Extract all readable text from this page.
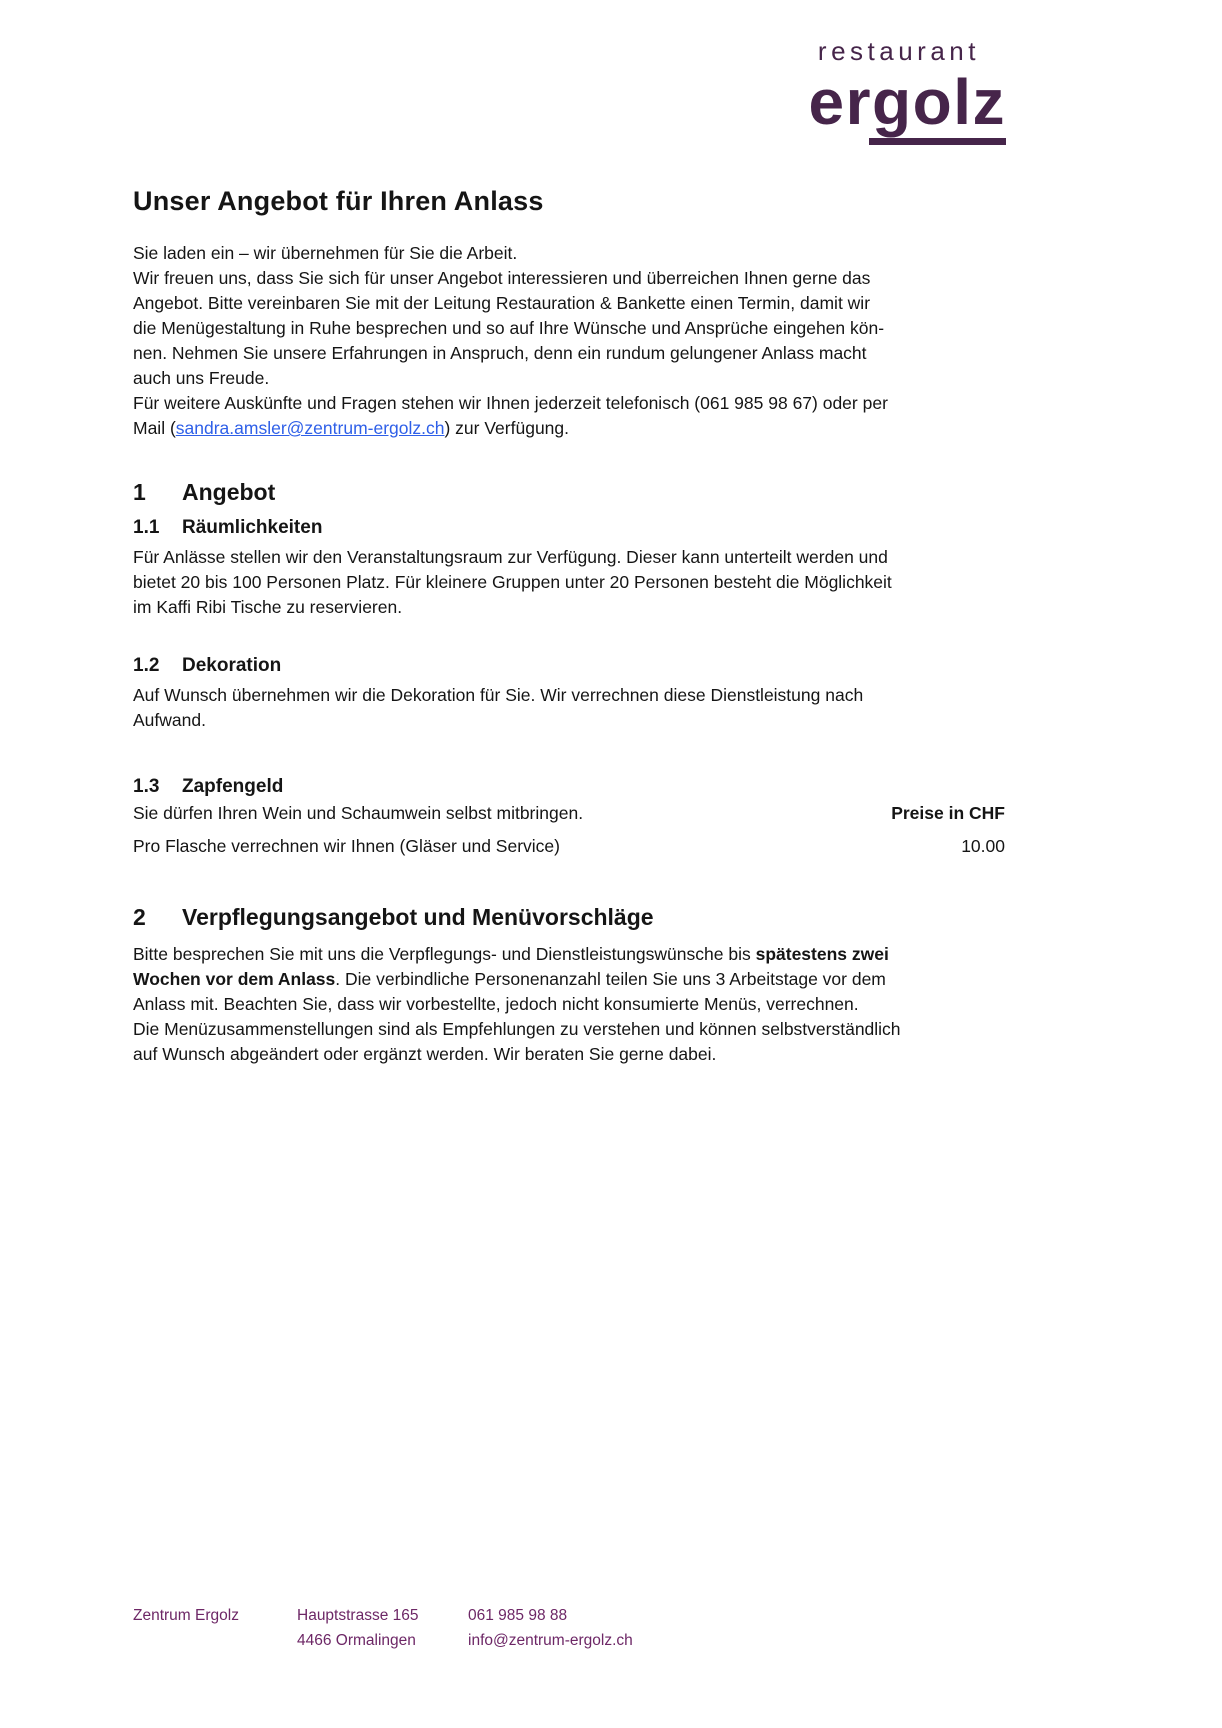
restaurant
ergolz
Unser Angebot für Ihren Anlass
Sie laden ein – wir übernehmen für Sie die Arbeit.
Wir freuen uns, dass Sie sich für unser Angebot interessieren und überreichen Ihnen gerne das
Angebot. Bitte vereinbaren Sie mit der Leitung Restauration & Bankette einen Termin, damit wir
die Menügestaltung in Ruhe besprechen und so auf Ihre Wünsche und Ansprüche eingehen kön-
nen. Nehmen Sie unsere Erfahrungen in Anspruch, denn ein rundum gelungener Anlass macht
auch uns Freude.
Für weitere Auskünfte und Fragen stehen wir Ihnen jederzeit telefonisch (061 985 98 67) oder per
Mail (sandra.amsler@zentrum-ergolz.ch) zur Verfügung.
1 Angebot
1.1 Räumlichkeiten
Für Anlässe stellen wir den Veranstaltungsraum zur Verfügung. Dieser kann unterteilt werden und
bietet 20 bis 100 Personen Platz. Für kleinere Gruppen unter 20 Personen besteht die Möglichkeit
im Kaffi Ribi Tische zu reservieren.
1.2 Dekoration
Auf Wunsch übernehmen wir die Dekoration für Sie. Wir verrechnen diese Dienstleistung nach
Aufwand.
1.3 Zapfengeld
Sie dürfen Ihren Wein und Schaumwein selbst mitbringen.	Preise in CHF
Pro Flasche verrechnen wir Ihnen (Gläser und Service)	10.00
2 Verpflegungsangebot und Menüvorschläge
Bitte besprechen Sie mit uns die Verpflegungs- und Dienstleistungswünsche bis spätestens zwei
Wochen vor dem Anlass. Die verbindliche Personenanzahl teilen Sie uns 3 Arbeitstage vor dem
Anlass mit. Beachten Sie, dass wir vorbestellte, jedoch nicht konsumierte Menüs, verrechnen.
Die Menüzusammenstellungen sind als Empfehlungen zu verstehen und können selbstverständlich
auf Wunsch abgeändert oder ergänzt werden. Wir beraten Sie gerne dabei.
Zentrum Ergolz	Hauptstrasse 165
4466 Ormalingen
061 985 98 88
info@zentrum-ergolz.ch
